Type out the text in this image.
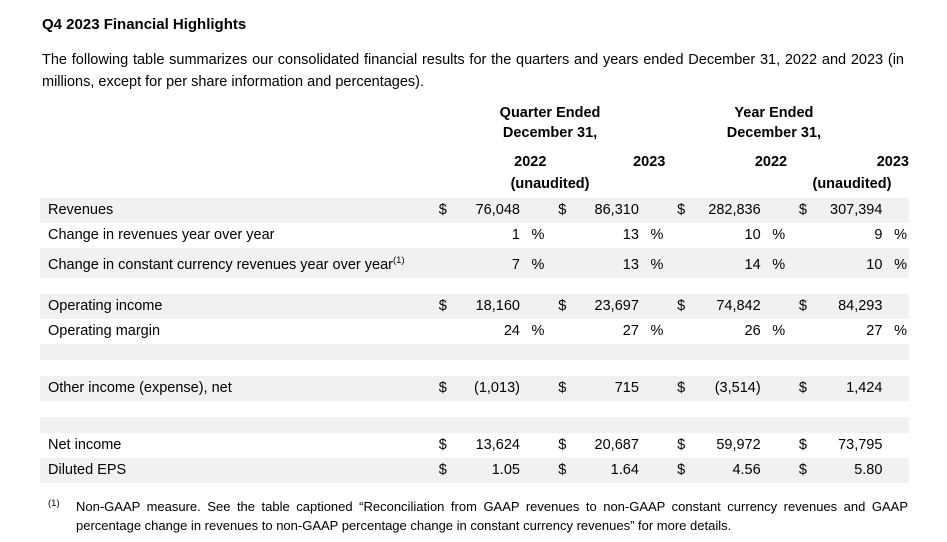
Q4 2023 Financial Highlights

The following table summarizes our consolidated financial results for the quarters and years ended December 31, 2022 and 2023 (in millions, except for per share information and percentages).

	Quarter Ended
December 31,							Year Ended
December 31,							
	2022				2023				2022				2023		
	(unaudited)												(unaudited)		
Revenues	$	76,048			$	86,310			$	282,836			$	307,394	
Change in revenues year over year		1	%			13	%			10	%			9	%
Change in constant currency revenues year over year$^{(1)}$		7	%			13	%			14	%			10	%

Operating income	$	18,160			$	23,697			$	74,842			$	84,293	
Operating margin		24	%			27	%			26	%			27	%

Other income (expense), net	$	(1,013)			$	715			$	(3,514)			$	1,424	

Net income	$	13,624			$	20,687			$	59,972			$	73,795	
Diluted EPS	$	1.05			$	1.64			$	4.56			$	5.80	
(1)	Non-GAAP measure. See the table captioned “Reconciliation from GAAP revenues to non-GAAP constant currency revenues and GAAP percentage change in revenues to non-GAAP percentage change in constant currency revenues” for more details.
